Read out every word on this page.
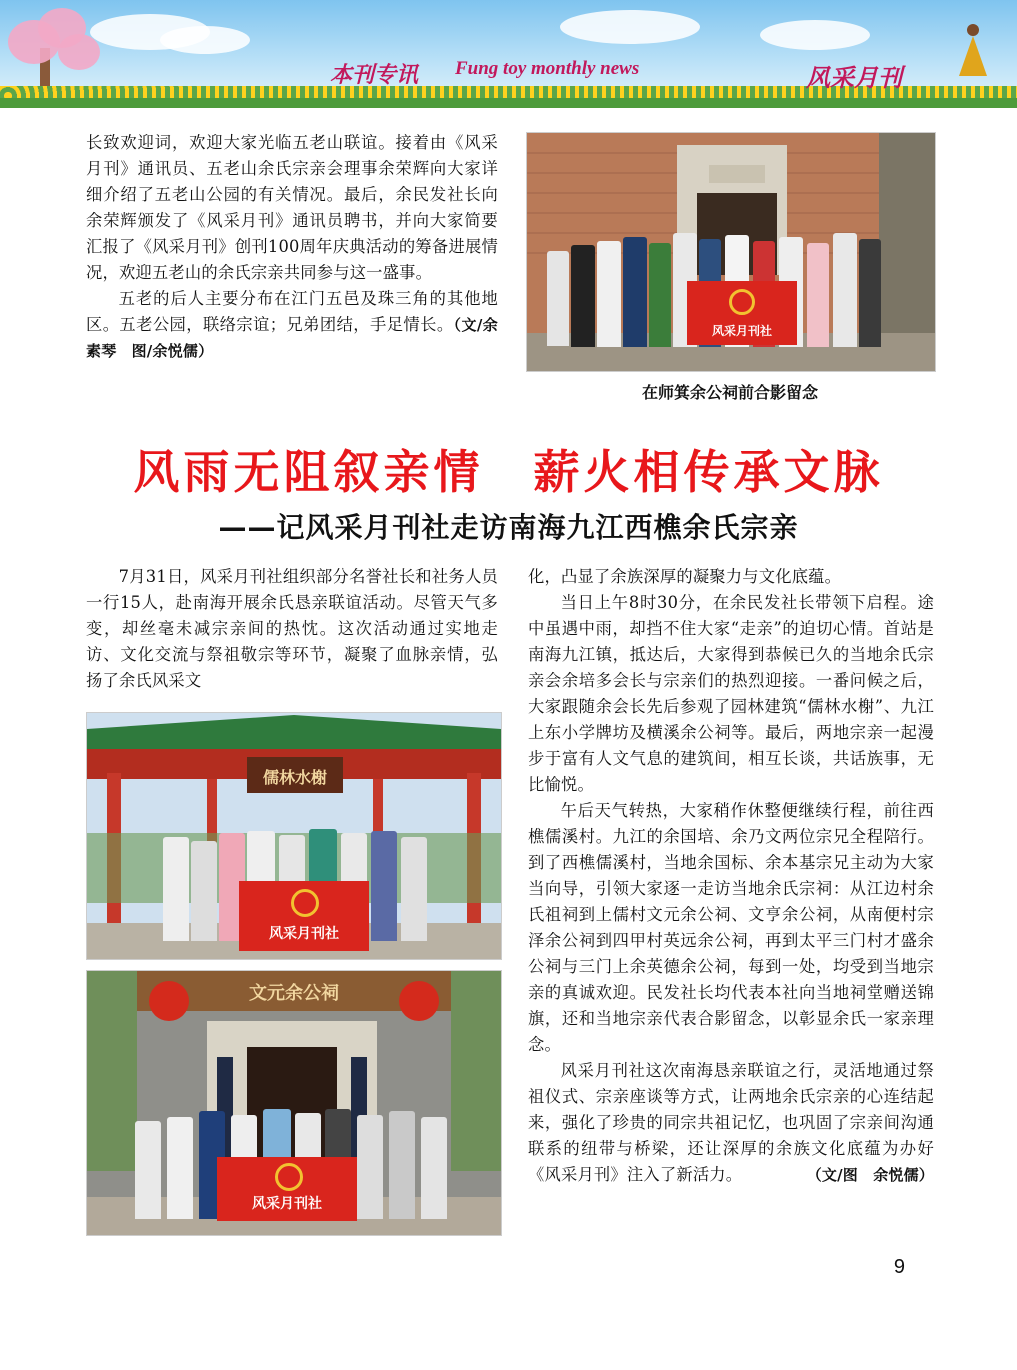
本刊专讯 Fung toy monthly news	风采月刊

长致欢迎词，欢迎大家光临五老山联谊。接着由《风采月刊》通讯员、五老山余氏宗亲会理事余荣辉向大家详细介绍了五老山公园的有关情况。最后，余民发社长向余荣辉颁发了《风采月刊》通讯员聘书，并向大家简要汇报了《风采月刊》创刊100周年庆典活动的筹备进展情况，欢迎五老山的余氏宗亲共同参与这一盛事。

五老的后人主要分布在江门五邑及珠三角的其他地区。五老公园，联络宗谊；兄弟团结，手足情长。（文/余素琴　图/余悦儒）

风采月刊社
在师箕余公祠前合影留念
风雨无阻叙亲情　薪火相传承文脉
——记风采月刊社走访南海九江西樵余氏宗亲

7月31日，风采月刊社组织部分名誉社长和社务人员一行15人，赴南海开展余氏恳亲联谊活动。尽管天气多变，却丝毫未减宗亲间的热忱。这次活动通过实地走访、文化交流与祭祖敬宗等环节，凝聚了血脉亲情，弘扬了余氏风采文

儒林水榭
风采月刊社
文元余公祠
风采月刊社

化，凸显了余族深厚的凝聚力与文化底蕴。

当日上午8时30分，在余民发社长带领下启程。途中虽遇中雨，却挡不住大家“走亲”的迫切心情。首站是南海九江镇，抵达后，大家得到恭候已久的当地余氏宗亲会余培多会长与宗亲们的热烈迎接。一番问候之后，大家跟随余会长先后参观了园林建筑“儒林水榭”、九江上东小学牌坊及横溪余公祠等。最后，两地宗亲一起漫步于富有人文气息的建筑间，相互长谈，共话族事，无比愉悦。

午后天气转热，大家稍作休整便继续行程，前往西樵儒溪村。九江的余国培、余乃文两位宗兄全程陪行。到了西樵儒溪村，当地余国标、余本基宗兄主动为大家当向导，引领大家逐一走访当地余氏宗祠：从江边村余氏祖祠到上儒村文元余公祠、文亨余公祠，从南便村宗泽余公祠到四甲村英远余公祠，再到太平三门村才盛余公祠与三门上余英德余公祠，每到一处，均受到当地宗亲的真诚欢迎。民发社长均代表本社向当地祠堂赠送锦旗，还和当地宗亲代表合影留念，以彰显余氏一家亲理念。

风采月刊社这次南海恳亲联谊之行，灵活地通过祭祖仪式、宗亲座谈等方式，让两地余氏宗亲的心连结起来，强化了珍贵的同宗共祖记忆，也巩固了宗亲间沟通联系的纽带与桥梁，还让深厚的余族文化底蕴为办好《风采月刊》注入了新活力。	（文/图　余悦儒）

9
